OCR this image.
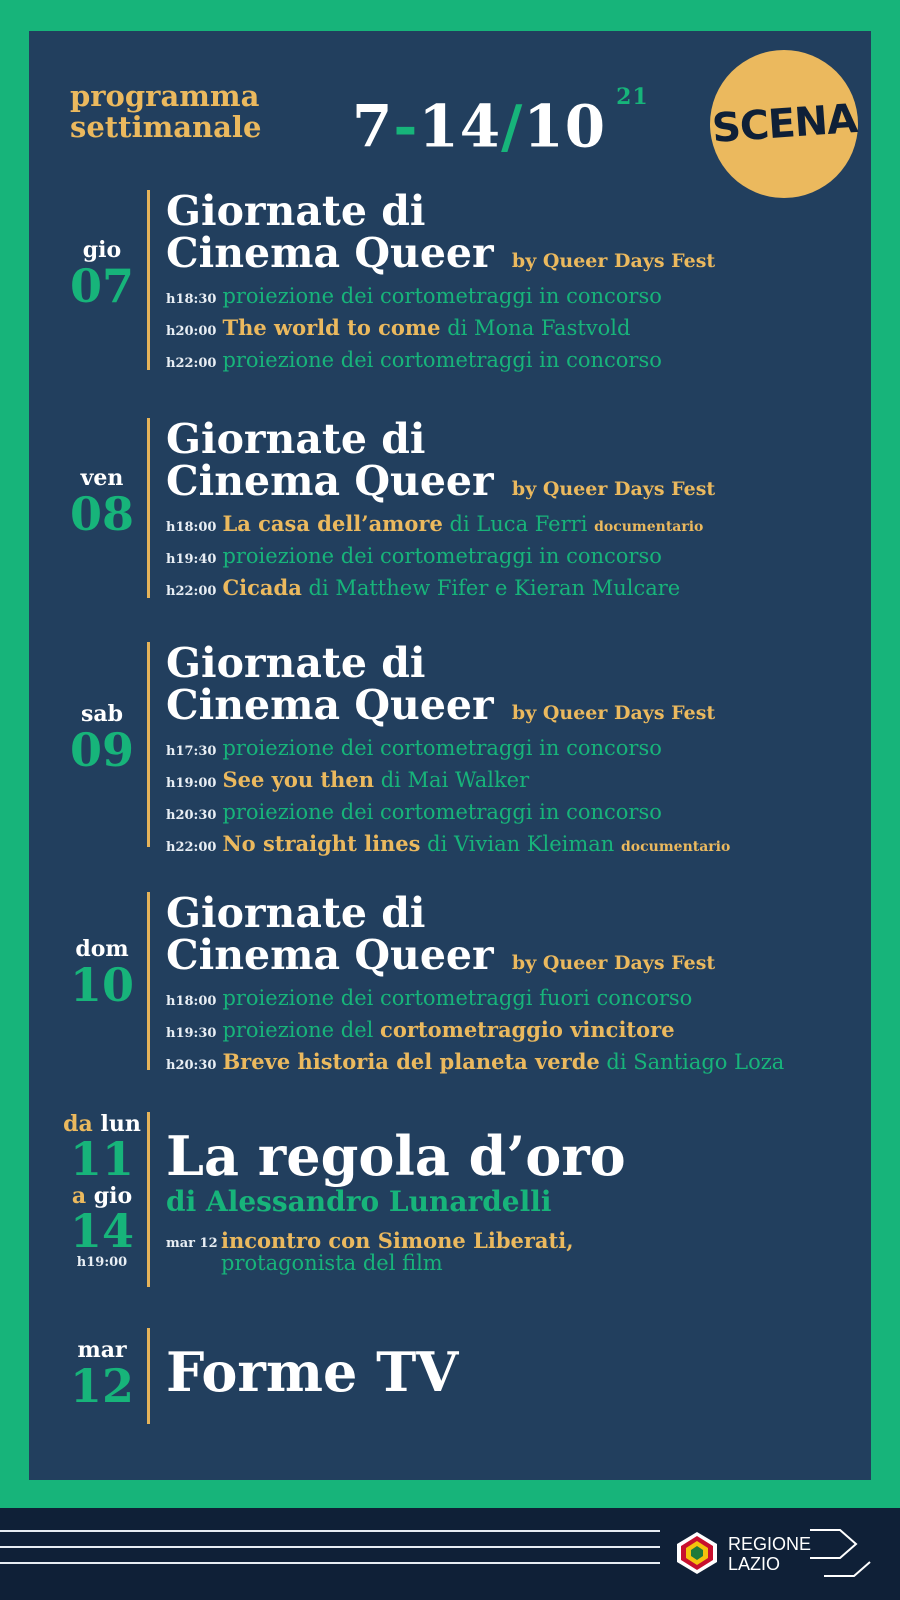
programma
settimanale 7-14/10 $^{21}$ SCENA
gio
07
Giornate di
Cinema Queer by Queer Days Fest
h18:30 proiezione dei cortometraggi in concorso
h20:00 The world to come di Mona Fastvold
h22:00 proiezione dei cortometraggi in concorso
ven
08
Giornate di
Cinema Queer by Queer Days Fest
h18:00 La casa dell’amore di Luca Ferri documentario
h19:40 proiezione dei cortometraggi in concorso
h22:00 Cicada di Matthew Fifer e Kieran Mulcare
sab
09
Giornate di
Cinema Queer by Queer Days Fest
h17:30 proiezione dei cortometraggi in concorso
h19:00 See you then di Mai Walker
h20:30 proiezione dei cortometraggi in concorso
h22:00 No straight lines di Vivian Kleiman documentario
dom
10
Giornate di
Cinema Queer by Queer Days Fest
h18:00 proiezione dei cortometraggi fuori concorso
h19:30 proiezione del cortometraggio vincitore
h20:30 Breve historia del planeta verde di Santiago Loza
da lun
11
a gio
14
h19:00
La regola d’oro
di Alessandro Lunardelli
mar 12 incontro con Simone Liberati,
protagonista del film
mar
12 Forme TV
REGIONE
LAZIO
